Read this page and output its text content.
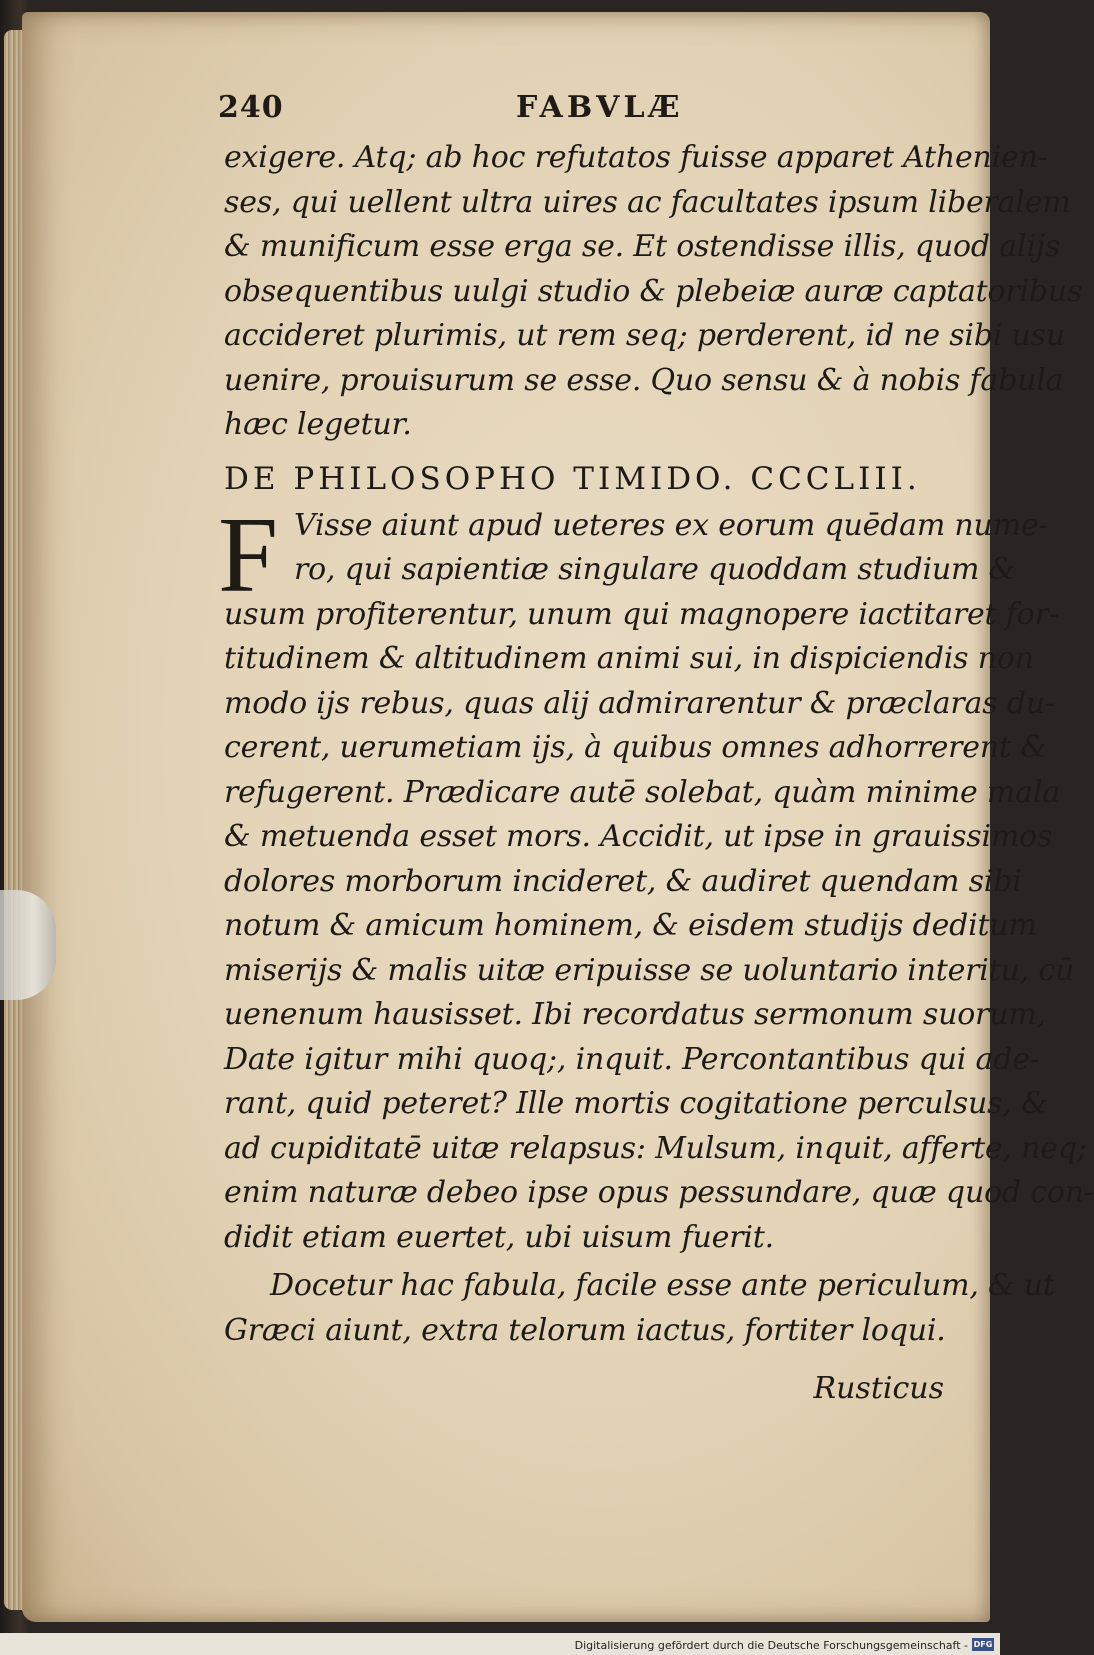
240	FABVLÆ
exigere. Atq; ab hoc refutatos fuisse apparet Athenien-
ses, qui uellent ultra uires ac facultates ipsum liberalem
& munificum esse erga se. Et ostendisse illis, quod alijs
obsequentibus uulgi studio & plebeiæ auræ captatoribus
accideret plurimis, ut rem seq; perderent, id ne sibi usu
uenire, prouisurum se esse. Quo sensu & à nobis fabula
hæc legetur.
DE PHILOSOPHO TIMIDO. CCCLIII.
F Visse aiunt apud ueteres ex eorum quēdam nume-
ro, qui sapientiæ singulare quoddam studium &
usum profiterentur, unum qui magnopere iactitaret for-
titudinem & altitudinem animi sui, in dispiciendis non
modo ijs rebus, quas alij admirarentur & præclaras du-
cerent, uerumetiam ijs, à quibus omnes adhorrerent &
refugerent. Prædicare autē solebat, quàm minime mala
& metuenda esset mors. Accidit, ut ipse in grauissimos
dolores morborum incideret, & audiret quendam sibi
notum & amicum hominem, & eisdem studijs deditum
miserijs & malis uitæ eripuisse se uoluntario interitu, cū
uenenum hausisset. Ibi recordatus sermonum suorum,
Date igitur mihi quoq;, inquit. Percontantibus qui ade-
rant, quid peteret? Ille mortis cogitatione perculsus, &
ad cupiditatē uitæ relapsus: Mulsum, inquit, afferte, neq;
enim naturæ debeo ipse opus pessundare, quæ quod con-
didit etiam euertet, ubi uisum fuerit.
Docetur hac fabula, facile esse ante periculum, & ut
Græci aiunt, extra telorum iactus, fortiter loqui.
Rusticus
Digitalisierung gefördert durch die Deutsche Forschungsgemeinschaft - DFG
